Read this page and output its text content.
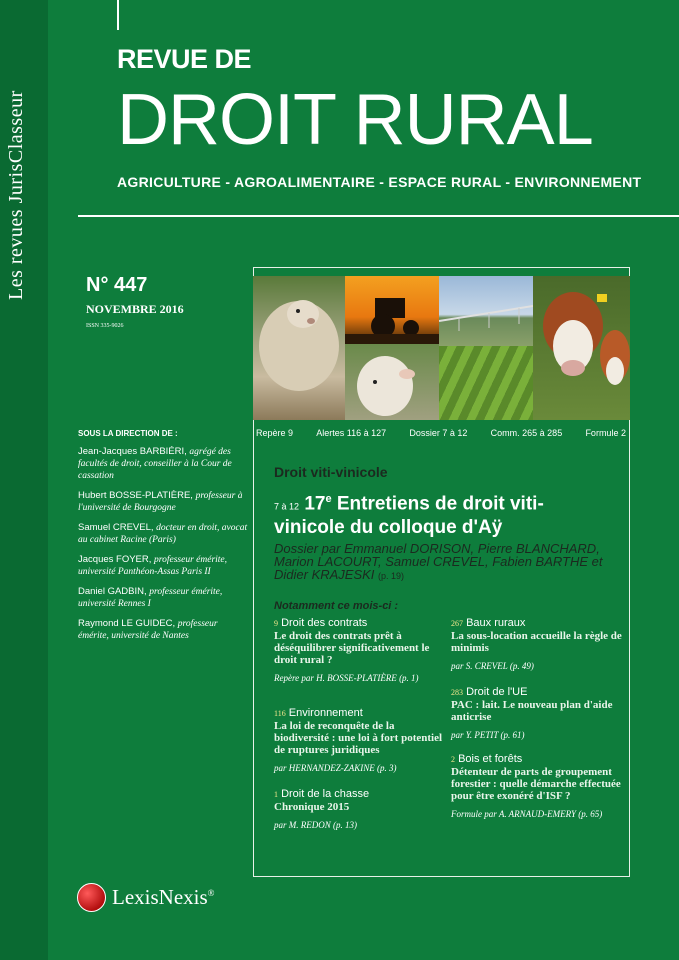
Les revues JurisClasseur
REVUE DE
DROIT RURAL
AGRICULTURE - AGROALIMENTAIRE - ESPACE RURAL - ENVIRONNEMENT
N° 447
NOVEMBRE 2016
ISSN 335-9026
SOUS LA DIRECTION DE :
Jean-Jacques BARBIÉRI, agrégé des facultés de droit, conseiller à la Cour de cassation
Hubert BOSSE-PLATIÈRE, professeur à l'université de Bourgogne
Samuel CREVEL, docteur en droit, avocat au cabinet Racine (Paris)
Jacques FOYER, professeur émérite, université Panthéon-Assas Paris II
Daniel GADBIN, professeur émérite, université Rennes I
Raymond LE GUIDEC, professeur émérite, université de Nantes
Repère 9	Alertes 116 à 127	Dossier 7 à 12	Comm. 265 à 285	Formule 2
Droit viti-vinicole
7 à 12 17e Entretiens de droit viti-vinicole du colloque d'Aÿ
Dossier par Emmanuel DORISON, Pierre BLANCHARD, Marion LACOURT, Samuel CREVEL, Fabien BARTHE et Didier KRAJESKI (p. 19)
Notamment ce mois-ci :
9 Droit des contrats
Le droit des contrats prêt à déséquilibrer significativement le droit rural ?
Repère par H. BOSSE-PLATIÈRE (p. 1)
116 Environnement
La loi de reconquête de la biodiversité : une loi à fort potentiel de ruptures juridiques
par HERNANDEZ-ZAKINE (p. 3)
1 Droit de la chasse
Chronique 2015
par M. REDON (p. 13)
267 Baux ruraux
La sous-location accueille la règle de minimis
par S. CREVEL (p. 49)
283 Droit de l'UE
PAC : lait. Le nouveau plan d'aide anticrise
par Y. PETIT (p. 61)
2 Bois et forêts
Détenteur de parts de groupement forestier : quelle démarche effectuée pour être exonéré d'ISF ?
Formule par A. ARNAUD-EMERY (p. 65)
LexisNexis®
